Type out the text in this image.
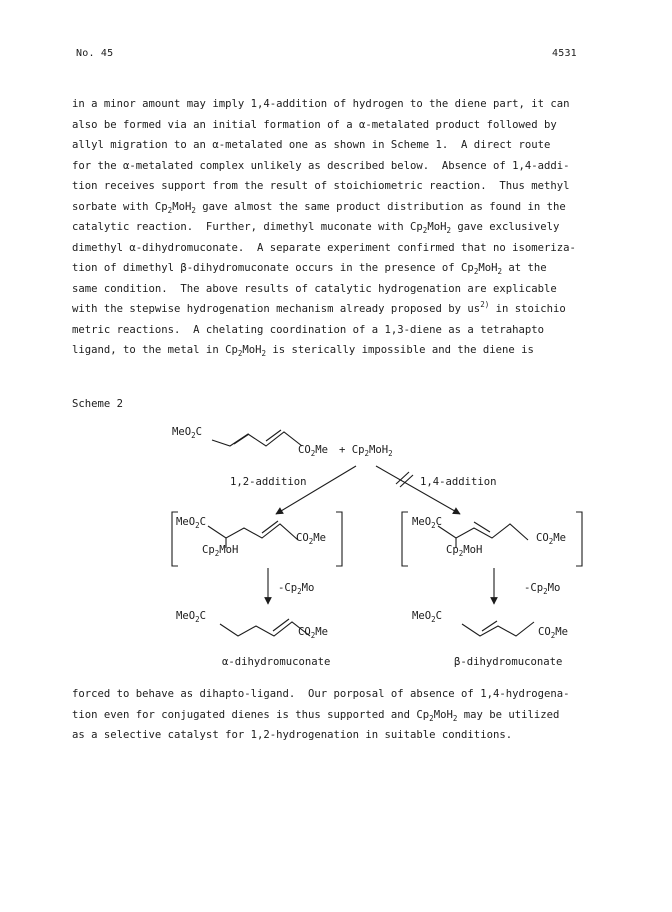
No. 45	4531
in a minor amount may imply 1,4-addition of hydrogen to the diene part, it can
also be formed via an initial formation of a α-metalated product followed by
allyl migration to an α-metalated one as shown in Scheme 1.  A direct route
for the α-metalated complex unlikely as described below.  Absence of 1,4-addi-
tion receives support from the result of stoichiometric reaction.  Thus methyl
sorbate with $Cp_2MoH_2$ gave almost the same product distribution as found in the
catalytic reaction.  Further, dimethyl muconate with $Cp_2MoH_2$ gave exclusively
dimethyl α-dihydromuconate.  A separate experiment confirmed that no isomeriza-
tion of dimethyl β-dihydromuconate occurs in the presence of $Cp_2MoH_2$ at the
same condition.  The above results of catalytic hydrogenation are explicable
with the stepwise hydrogenation mechanism already proposed by $us^{2)}$ in stoichio
metric reactions.  A chelating coordination of a 1,3-diene as a tetrahapto
ligand, to the metal in $Cp_2MoH_2$ is sterically impossible and the diene is
Scheme 2
MeO$_2$C
$CO_2Me + Cp_2MoH_2$
1,2-addition	1,4-addition
MeO$_2$C
$CO_2Me$
$Cp_2MoH$
MeO$_2$C
$CO_2Me$
$Cp_2MoH$
$-Cp_2Mo$	$-Cp_2Mo$
MeO$_2$C
$CO_2Me$
MeO$_2$C
$CO_2Me$
α-dihydromuconate	β-dihydromuconate
forced to behave as dihapto-ligand.  Our porposal of absence of 1,4-hydrogena-
tion even for conjugated dienes is thus supported and $Cp_2MoH_2$ may be utilized
as a selective catalyst for 1,2-hydrogenation in suitable conditions.
